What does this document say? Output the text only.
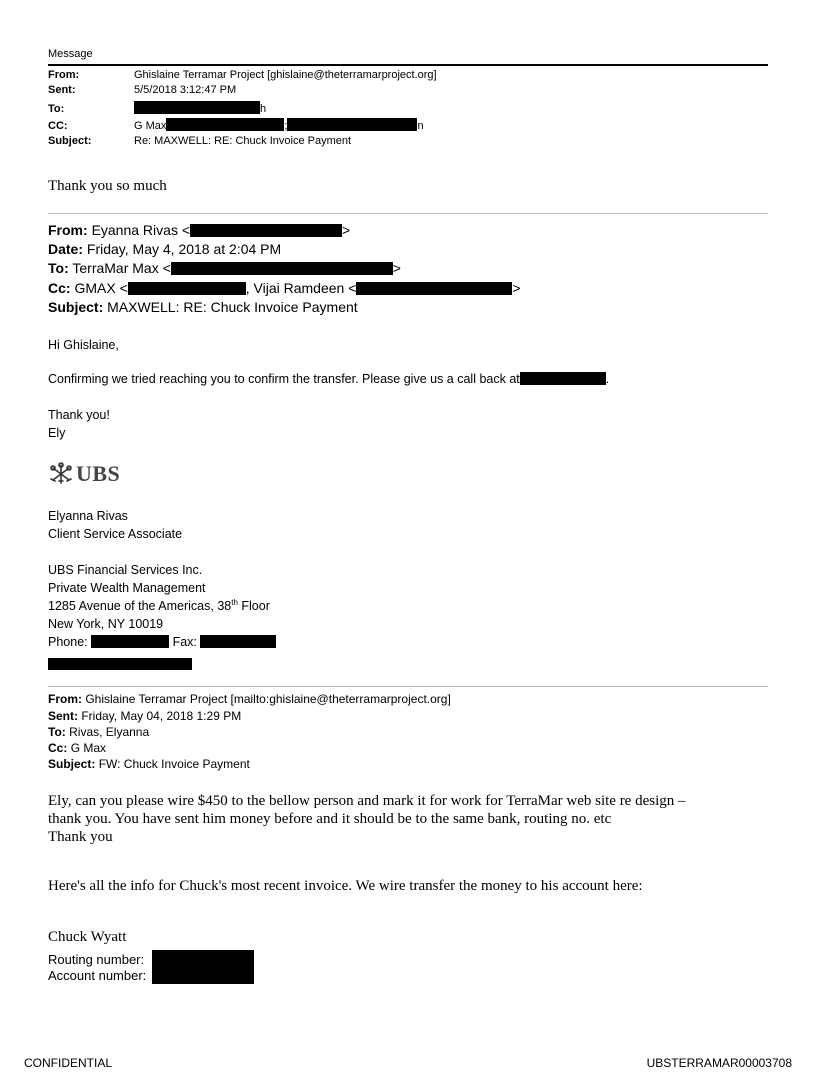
Message
From:	Ghislaine Terramar Project [ghislaine@theterramarproject.org]
Sent:	5/5/2018 3:12:47 PM
To:	h
CC:	G Max	;	n
Subject:	Re: MAXWELL: RE: Chuck Invoice Payment
Thank you so much
From: Eyanna Rivas <	>
Date: Friday, May 4, 2018 at 2:04 PM
To: TerraMar Max <	>
Cc: GMAX <	, Vijai Ramdeen <	>
Subject: MAXWELL: RE: Chuck Invoice Payment
Hi Ghislaine,
Confirming we tried reaching you to confirm the transfer. Please give us a call back at	.
Thank you!
Ely
UBS
Elyanna Rivas
Client Service Associate
UBS Financial Services Inc.
Private Wealth Management
1285 Avenue of the Americas, 38th Floor
New York, NY 10019
Phone:	Fax:
From: Ghislaine Terramar Project [mailto:ghislaine@theterramarproject.org]
Sent: Friday, May 04, 2018 1:29 PM
To: Rivas, Elyanna
Cc: G Max
Subject: FW: Chuck Invoice Payment
Ely, can you please wire $450 to the bellow person and mark it for work for TerraMar web site re design –
thank you. You have sent him money before and it should be to the same bank, routing no. etc
Thank you
Here's all the info for Chuck's most recent invoice. We wire transfer the money to his account here:
Chuck Wyatt
Routing number:
Account number:
CONFIDENTIAL	UBSTERRAMAR00003708
